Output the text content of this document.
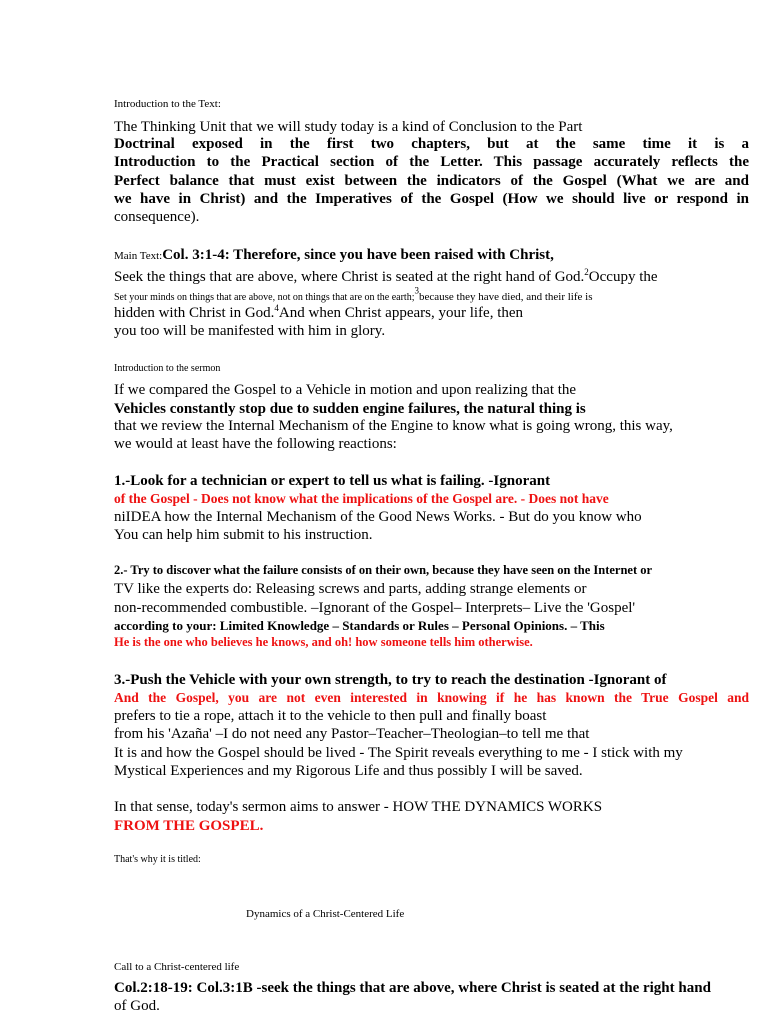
Introduction to the Text:
The Thinking Unit that we will study today is a kind of Conclusion to the Part
Doctrinal exposed in the first two chapters, but at the same time it is a
Introduction to the Practical section of the Letter. This passage accurately reflects the
Perfect balance that must exist between the indicators of the Gospel (What we are and
we have in Christ) and the Imperatives of the Gospel (How we should live or respond in
consequence).
Main Text:Col. 3:1-4: Therefore, since you have been raised with Christ,
Seek the things that are above, where Christ is seated at the right hand of God.$^2$Occupy the
Set your minds on things that are above, not on things that are on the earth;$^3$because they have died, and their life is
hidden with Christ in God.$^4$And when Christ appears, your life, then
you too will be manifested with him in glory.
Introduction to the sermon
If we compared the Gospel to a Vehicle in motion and upon realizing that the
Vehicles constantly stop due to sudden engine failures, the natural thing is
that we review the Internal Mechanism of the Engine to know what is going wrong, this way,
we would at least have the following reactions:
1.-Look for a technician or expert to tell us what is failing. -Ignorant
of the Gospel - Does not know what the implications of the Gospel are. - Does not have
niIDEA how the Internal Mechanism of the Good News Works. - But do you know who
You can help him submit to his instruction.
2.- Try to discover what the failure consists of on their own, because they have seen on the Internet or
TV like the experts do: Releasing screws and parts, adding strange elements or
non-recommended combustible. –Ignorant of the Gospel– Interprets– Live the 'Gospel'
according to your: Limited Knowledge – Standards or Rules – Personal Opinions. – This
He is the one who believes he knows, and oh! how someone tells him otherwise.
3.-Push the Vehicle with your own strength, to try to reach the destination -Ignorant of
And the Gospel, you are not even interested in knowing if he has known the True Gospel and
prefers to tie a rope, attach it to the vehicle to then pull and finally boast
from his 'Azaña' –I do not need any Pastor–Teacher–Theologian–to tell me that
It is and how the Gospel should be lived - The Spirit reveals everything to me - I stick with my
Mystical Experiences and my Rigorous Life and thus possibly I will be saved.
In that sense, today's sermon aims to answer - HOW THE DYNAMICS WORKS
FROM THE GOSPEL.
That's why it is titled:
Dynamics of a Christ-Centered Life
Call to a Christ-centered life
Col.2:18-19: Col.3:1B -seek the things that are above, where Christ is seated at the right hand
of God.
